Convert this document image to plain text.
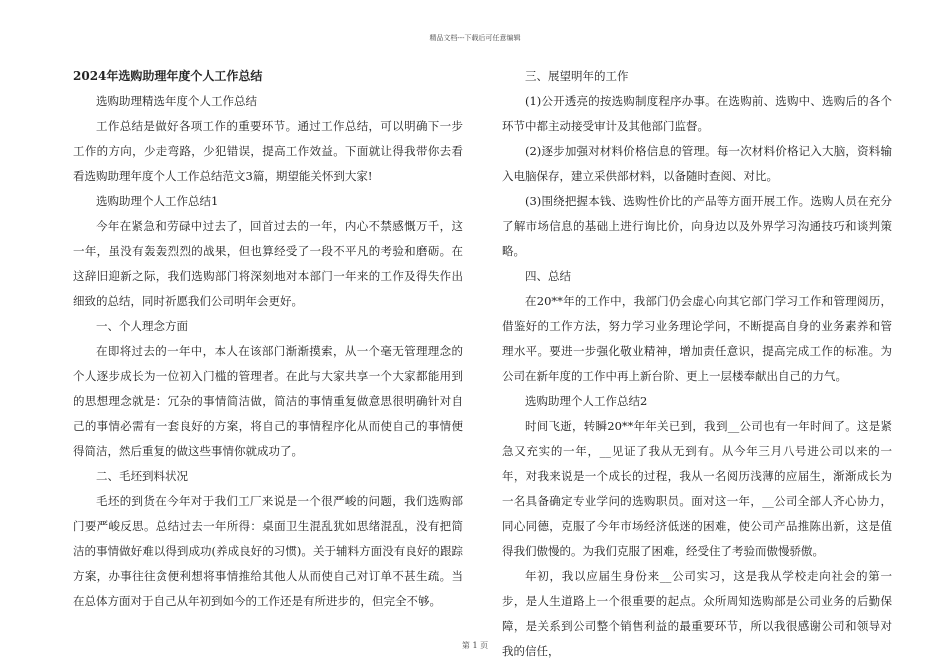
精品文档---下载后可任意编辑

2024年选购助理年度个人工作总结

选购助理精选年度个人工作总结

工作总结是做好各项工作的重要环节。通过工作总结，可以明确下一步工作的方向，少走弯路，少犯错误，提高工作效益。下面就让得我带你去看看选购助理年度个人工作总结范文3篇，期望能关怀到大家!

选购助理个人工作总结1

今年在紧急和劳碌中过去了，回首过去的一年，内心不禁感慨万千，这一年，虽没有轰轰烈烈的战果，但也算经受了一段不平凡的考验和磨砺。在这辞旧迎新之际，我们选购部门将深刻地对本部门一年来的工作及得失作出细致的总结，同时祈愿我们公司明年会更好。

一、个人理念方面

在即将过去的一年中，本人在该部门渐渐摸索，从一个毫无管理理念的个人逐步成长为一位初入门槛的管理者。在此与大家共享一个大家都能用到的思想理念就是：冗杂的事情简洁做，简洁的事情重复做意思很明确针对自己的事情必需有一套良好的方案，将自己的事情程序化从而使自己的事情便得简洁，然后重复的做这些事情你就成功了。

二、毛坯到料状况

毛坯的到货在今年对于我们工厂来说是一个很严峻的问题，我们选购部门要严峻反思。总结过去一年所得：桌面卫生混乱犹如思绪混乱，没有把简洁的事情做好难以得到成功(养成良好的习惯)。关于辅料方面没有良好的跟踪方案，办事往往贪便利想将事情推给其他人从而使自己对订单不甚生疏。当在总体方面对于自己从年初到如今的工作还是有所进步的，但完全不够。

三、展望明年的工作

(1)公开透亮的按选购制度程序办事。在选购前、选购中、选购后的各个环节中都主动接受审计及其他部门监督。

(2)逐步加强对材料价格信息的管理。每一次材料价格记入大脑，资料输入电脑保存，建立采供部材料，以备随时查阅、对比。

(3)围绕把握本钱、选购性价比的产品等方面开展工作。选购人员在充分了解市场信息的基础上进行询比价，向身边以及外界学习沟通技巧和谈判策略。

四、总结

在20**年的工作中，我部门仍会虚心向其它部门学习工作和管理阅历，借鉴好的工作方法，努力学习业务理论学问，不断提高自身的业务素养和管理水平。要进一步强化敬业精神，增加责任意识，提高完成工作的标准。为公司在新年度的工作中再上新台阶、更上一层楼奉献出自己的力气。

选购助理个人工作总结2

时间飞逝，转瞬20**年年关已到，我到__公司也有一年时间了。这是紧急又充实的一年，__见证了我从无到有。从今年三月八号进公司以来的一年，对我来说是一个成长的过程，我从一名阅历浅薄的应届生，渐渐成长为一名具备确定专业学问的选购职员。面对这一年，__公司全部人齐心协力，同心同德，克服了今年市场经济低迷的困难，使公司产品推陈出新，这是值得我们傲慢的。为我们克服了困难，经受住了考验而傲慢骄傲。

年初，我以应届生身份来__公司实习，这是我从学校走向社会的第一步，是人生道路上一个很重要的起点。众所周知选购部是公司业务的后勤保障，是关系到公司整个销售利益的最重要环节，所以我很感谢公司和领导对我的信任，

第 1 页
